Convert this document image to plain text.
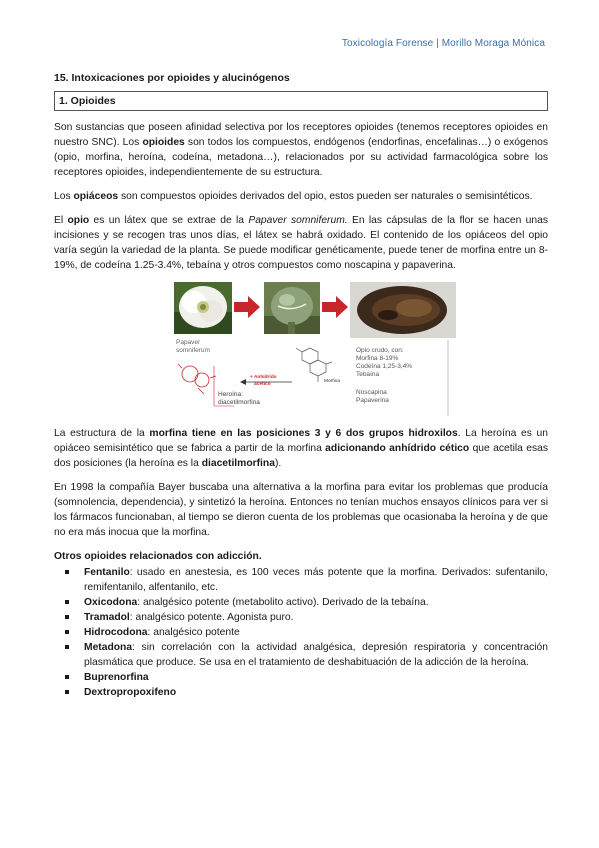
Toxicología Forense | Morillo Moraga Mónica
15. Intoxicaciones por opioides y alucinógenos
1. Opioides

Son sustancias que poseen afinidad selectiva por los receptores opioides (tenemos receptores opioides en nuestro SNC). Los opioides son todos los compuestos, endógenos (endorfinas, encefalinas…) o exógenos (opio, morfina, heroína, codeína, metadona…), relacionados por su actividad farmacológica sobre los receptores opioides, independientemente de su estructura.

Los opiáceos son compuestos opioides derivados del opio, estos pueden ser naturales o semisintéticos.

El opio es un látex que se extrae de la Papaver somniferum. En las cápsulas de la flor se hacen unas incisiones y se recogen tras unos días, el látex se habrá oxidado. El contenido de los opiáceos del opio varía según la variedad de la planta. Se puede modificar genéticamente, puede tener de morfina entre un 8-19%, de codeína 1.25-3.4%, tebaína y otros compuestos como noscapina y papaverina.

Papaver
somniferum
Heroína:
diacetilmorfina
+ Anhídrido
acético
Morfina
Opio crudo, con:
Morfina 8-19%
Codeína 1,25-3,4%
Tebaína
Noscapina
Papaverina

La estructura de la morfina tiene en las posiciones 3 y 6 dos grupos hidroxilos. La heroína es un opiáceo semisintético que se fabrica a partir de la morfina adicionando anhídrido cético que acetila esas dos posiciones (la heroína es la diacetilmorfina).

En 1998 la compañía Bayer buscaba una alternativa a la morfina para evitar los problemas que producía (somnolencia, dependencia), y sintetizó la heroína. Entonces no tenían muchos ensayos clínicos para ver si los fármacos funcionaban, al tiempo se dieron cuenta de los problemas que ocasionaba la heroína y de que no era más inocua que la morfina.

Otros opioides relacionados con adicción.
Fentanilo: usado en anestesia, es 100 veces más potente que la morfina. Derivados: sufentanilo, remifentanilo, alfentanilo, etc.
Oxicodona: analgésico potente (metabolito activo). Derivado de la tebaína.
Tramadol: analgésico potente. Agonista puro.
Hidrocodona: analgésico potente
Metadona: sin correlación con la actividad analgésica, depresión respiratoria y concentración plasmática que produce. Se usa en el tratamiento de deshabituación de la adicción de la heroína.
Buprenorfina
Dextropropoxifeno
